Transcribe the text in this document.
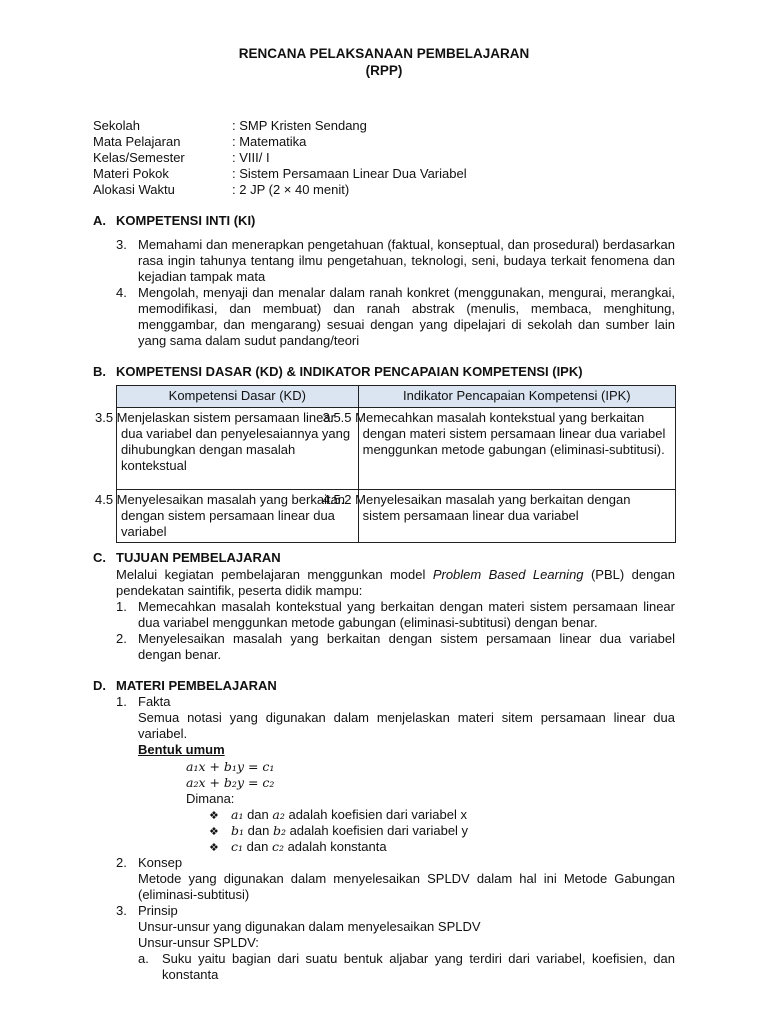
RENCANA PELAKSANAAN PEMBELAJARAN
(RPP)
Sekolah	: SMP Kristen Sendang
Mata Pelajaran	: Matematika
Kelas/Semester	: VIII/ I
Materi Pokok	: Sistem Persamaan Linear Dua Variabel
Alokasi Waktu	: 2 JP (2 × 40 menit)
A. KOMPETENSI INTI (KI)
3. Memahami dan menerapkan pengetahuan (faktual, konseptual, dan prosedural) berdasarkan rasa ingin tahunya tentang ilmu pengetahuan, teknologi, seni, budaya terkait fenomena dan kejadian tampak mata
4. Mengolah, menyaji dan menalar dalam ranah konkret (menggunakan, mengurai, merangkai, memodifikasi, dan membuat) dan ranah abstrak (menulis, membaca, menghitung, menggambar, dan mengarang) sesuai dengan yang dipelajari di sekolah dan sumber lain yang sama dalam sudut pandang/teori
B. KOMPETENSI DASAR (KD) & INDIKATOR PENCAPAIAN KOMPETENSI (IPK)
Kompetensi Dasar (KD)	Indikator Pencapaian Kompetensi (IPK)
3.5 Menjelaskan sistem persamaan linear dua variabel dan penyelesaiannya yang dihubungkan dengan masalah kontekstual	3.5.5 Memecahkan masalah kontekstual yang berkaitan dengan materi sistem persamaan linear dua variabel menggunkan metode gabungan (eliminasi-subtitusi).
4.5 Menyelesaikan masalah yang berkaitan dengan sistem persamaan linear dua variabel	4.5.2 Menyelesaikan masalah yang berkaitan dengan sistem persamaan linear dua variabel
C. TUJUAN PEMBELAJARAN
Melalui kegiatan pembelajaran menggunkan model Problem Based Learning (PBL) dengan pendekatan saintifik, peserta didik mampu:
1. Memecahkan masalah kontekstual yang berkaitan dengan materi sistem persamaan linear dua variabel menggunkan metode gabungan (eliminasi-subtitusi) dengan benar.
2. Menyelesaikan masalah yang berkaitan dengan sistem persamaan linear dua variabel dengan benar.
D. MATERI PEMBELAJARAN
1. Fakta
Semua notasi yang digunakan dalam menjelaskan materi sitem persamaan linear dua variabel.
Bentuk umum
a₁x + b₁y = c₁
a₂x + b₂y = c₂
Dimana:
❖ a₁ dan a₂ adalah koefisien dari variabel x
❖ b₁ dan b₂ adalah koefisien dari variabel y
❖ c₁ dan c₂ adalah konstanta
2. Konsep
Metode yang digunakan dalam menyelesaikan SPLDV dalam hal ini Metode Gabungan (eliminasi-subtitusi)
3. Prinsip
Unsur-unsur yang digunakan dalam menyelesaikan SPLDV
Unsur-unsur SPLDV:
a. Suku yaitu bagian dari suatu bentuk aljabar yang terdiri dari variabel, koefisien, dan konstanta
